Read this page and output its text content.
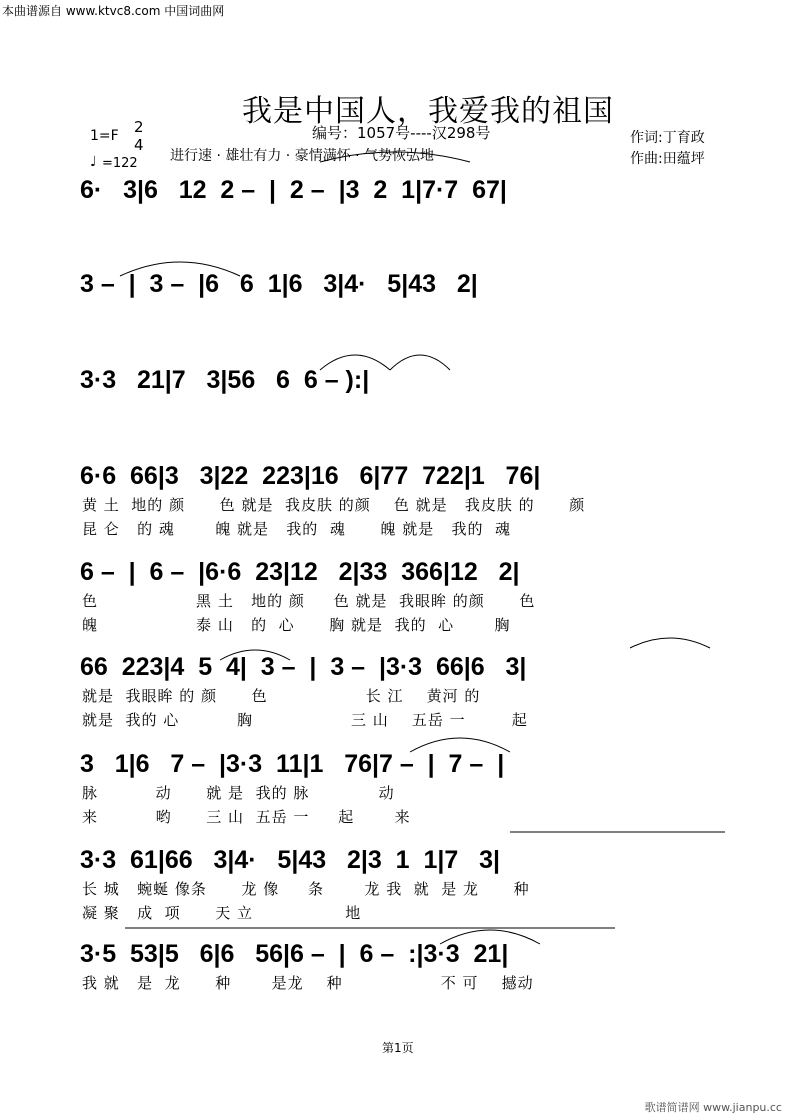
本曲谱源自 www.ktvc8.com 中国词曲网
我是中国人，我爱我的祖国
编号：1057号----汉298号
1=F 2
4
♩ =122 进行速 · 雄壮有力 · 豪情满怀 · 气势恢弘地
作词:丁育政
作曲:田蕴坪
6·   3|6   12  2 –  |  2 –  |3  2  1|7·7  67|
3 –  |  3 –  |6   6  1|6   3|4·   5|43   2|
3·3   21|7   3|56   6  6 – ):|
6·6  66|3   3|22  223|16   6|77  722|1   76|
黄 土  地的 颜      色 就是  我皮肤 的颜    色 就是   我皮肤 的      颜
昆 仑   的 魂       魄 就是   我的  魂      魄 就是   我的  魂
6 –  |  6 –  |6·6  23|12   2|33  366|12   2|
色                 黑 土   地的 颜     色 就是  我眼眸 的颜      色
魄                 泰 山   的  心      胸 就是  我的  心       胸
66  223|4  5  4|  3 –  |  3 –  |3·3  66|6   3|
就是  我眼眸 的 颜      色                 长 江    黄河 的
就是  我的 心          胸                 三 山    五岳 一        起
3   1|6   7 –  |3·3  11|1   76|7 –  |  7 –  |
脉          动      就 是  我的 脉            动
来          哟      三 山  五岳 一     起       来
3·3  61|66   3|4·   5|43   2|3  1  1|7   3|
长 城   蜿蜒 像条      龙 像     条       龙 我  就  是 龙      种
凝 聚   成  项      天 立                地
3·5  53|5   6|6   56|6 –  |  6 –  :|3·3  21|
我 就   是  龙      种       是龙    种                 不 可    撼动
第1页
歌谱简谱网 www.jianpu.cc
